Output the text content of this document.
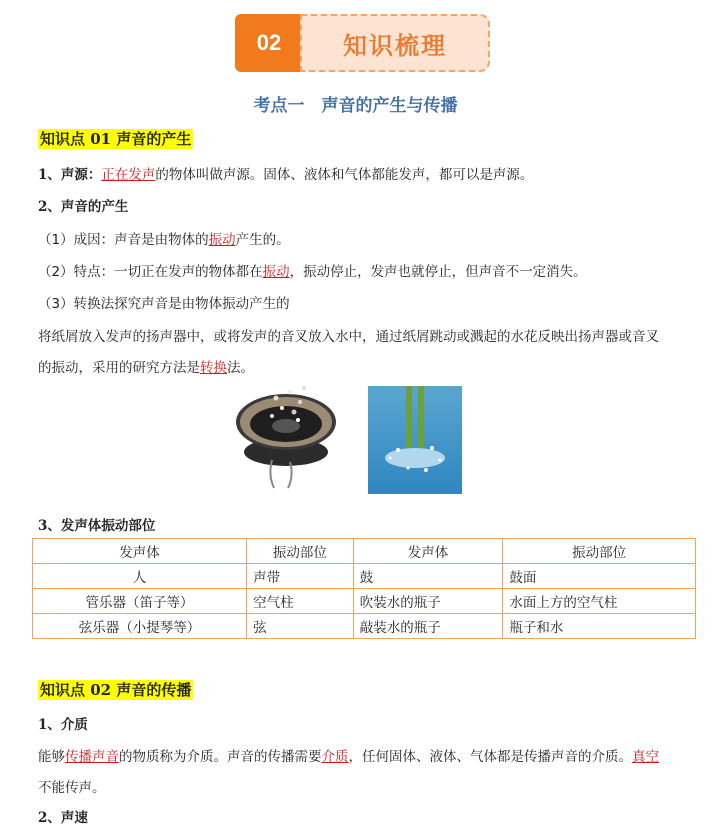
02	知识梳理
考点一　声音的产生与传播
知识点 01 声音的产生
1、声源：正在发声的物体叫做声源。固体、液体和气体都能发声，都可以是声源。
2、声音的产生
（1）成因：声音是由物体的振动产生的。
（2）特点：一切正在发声的物体都在振动，振动停止，发声也就停止，但声音不一定消失。
（3）转换法探究声音是由物体振动产生的
将纸屑放入发声的扬声器中，或将发声的音叉放入水中，通过纸屑跳动或溅起的水花反映出扬声器或音叉
的振动，采用的研究方法是转换法。
3、发声体振动部位
发声体	振动部位	发声体	振动部位
人	声带	鼓	鼓面
管乐器（笛子等）	空气柱	吹装水的瓶子	水面上方的空气柱
弦乐器（小提琴等）	弦	敲装水的瓶子	瓶子和水
知识点 02 声音的传播
1、介质
能够传播声音的物质称为介质。声音的传播需要介质，任何固体、液体、气体都是传播声音的介质。真空
不能传声。
2、声速
